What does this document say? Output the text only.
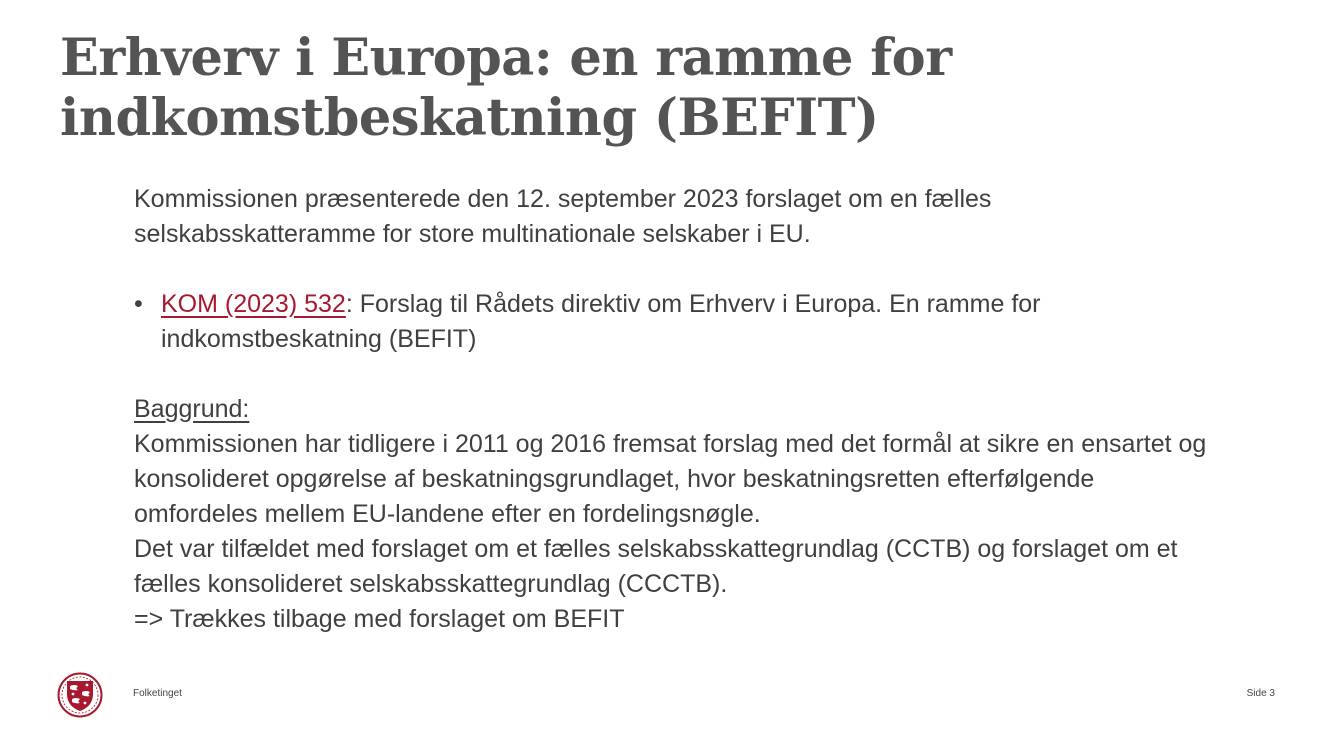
Erhverv i Europa: en ramme for indkomstbeskatning (BEFIT)

Kommissionen præsenterede den 12. september 2023 forslaget om en fælles selskabsskatteramme for store multinationale selskaber i EU.

• KOM (2023) 532: Forslag til Rådets direktiv om Erhverv i Europa. En ramme for indkomstbeskatning (BEFIT)

Baggrund:

Kommissionen har tidligere i 2011 og 2016 fremsat forslag med det formål at sikre en ensartet og konsolideret opgørelse af beskatningsgrundlaget, hvor beskatningsretten efterfølgende omfordeles mellem EU-landene efter en fordelingsnøgle.

Det var tilfældet med forslaget om et fælles selskabsskattegrundlag (CCTB) og forslaget om et fælles konsolideret selskabsskattegrundlag (CCCTB).

=> Trækkes tilbage med forslaget om BEFIT

Folketinget	Side 3
